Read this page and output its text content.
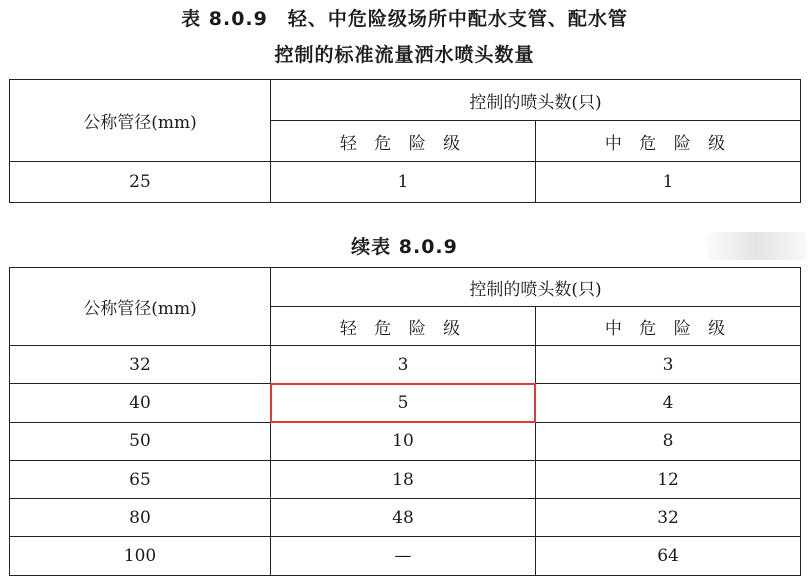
表 8.0.9　轻、中危险级场所中配水支管、配水管
控制的标准流量洒水喷头数量
公称管径(mm)	控制的喷头数(只)	
	轻 危 险 级	中 危 险 级
25	1	1
续表 8.0.9
公称管径(mm)	控制的喷头数(只)	
	轻 危 险 级	中 危 险 级
32	3	3
40	5	4
50	10	8
65	18	12
80	48	32
100	—	64
